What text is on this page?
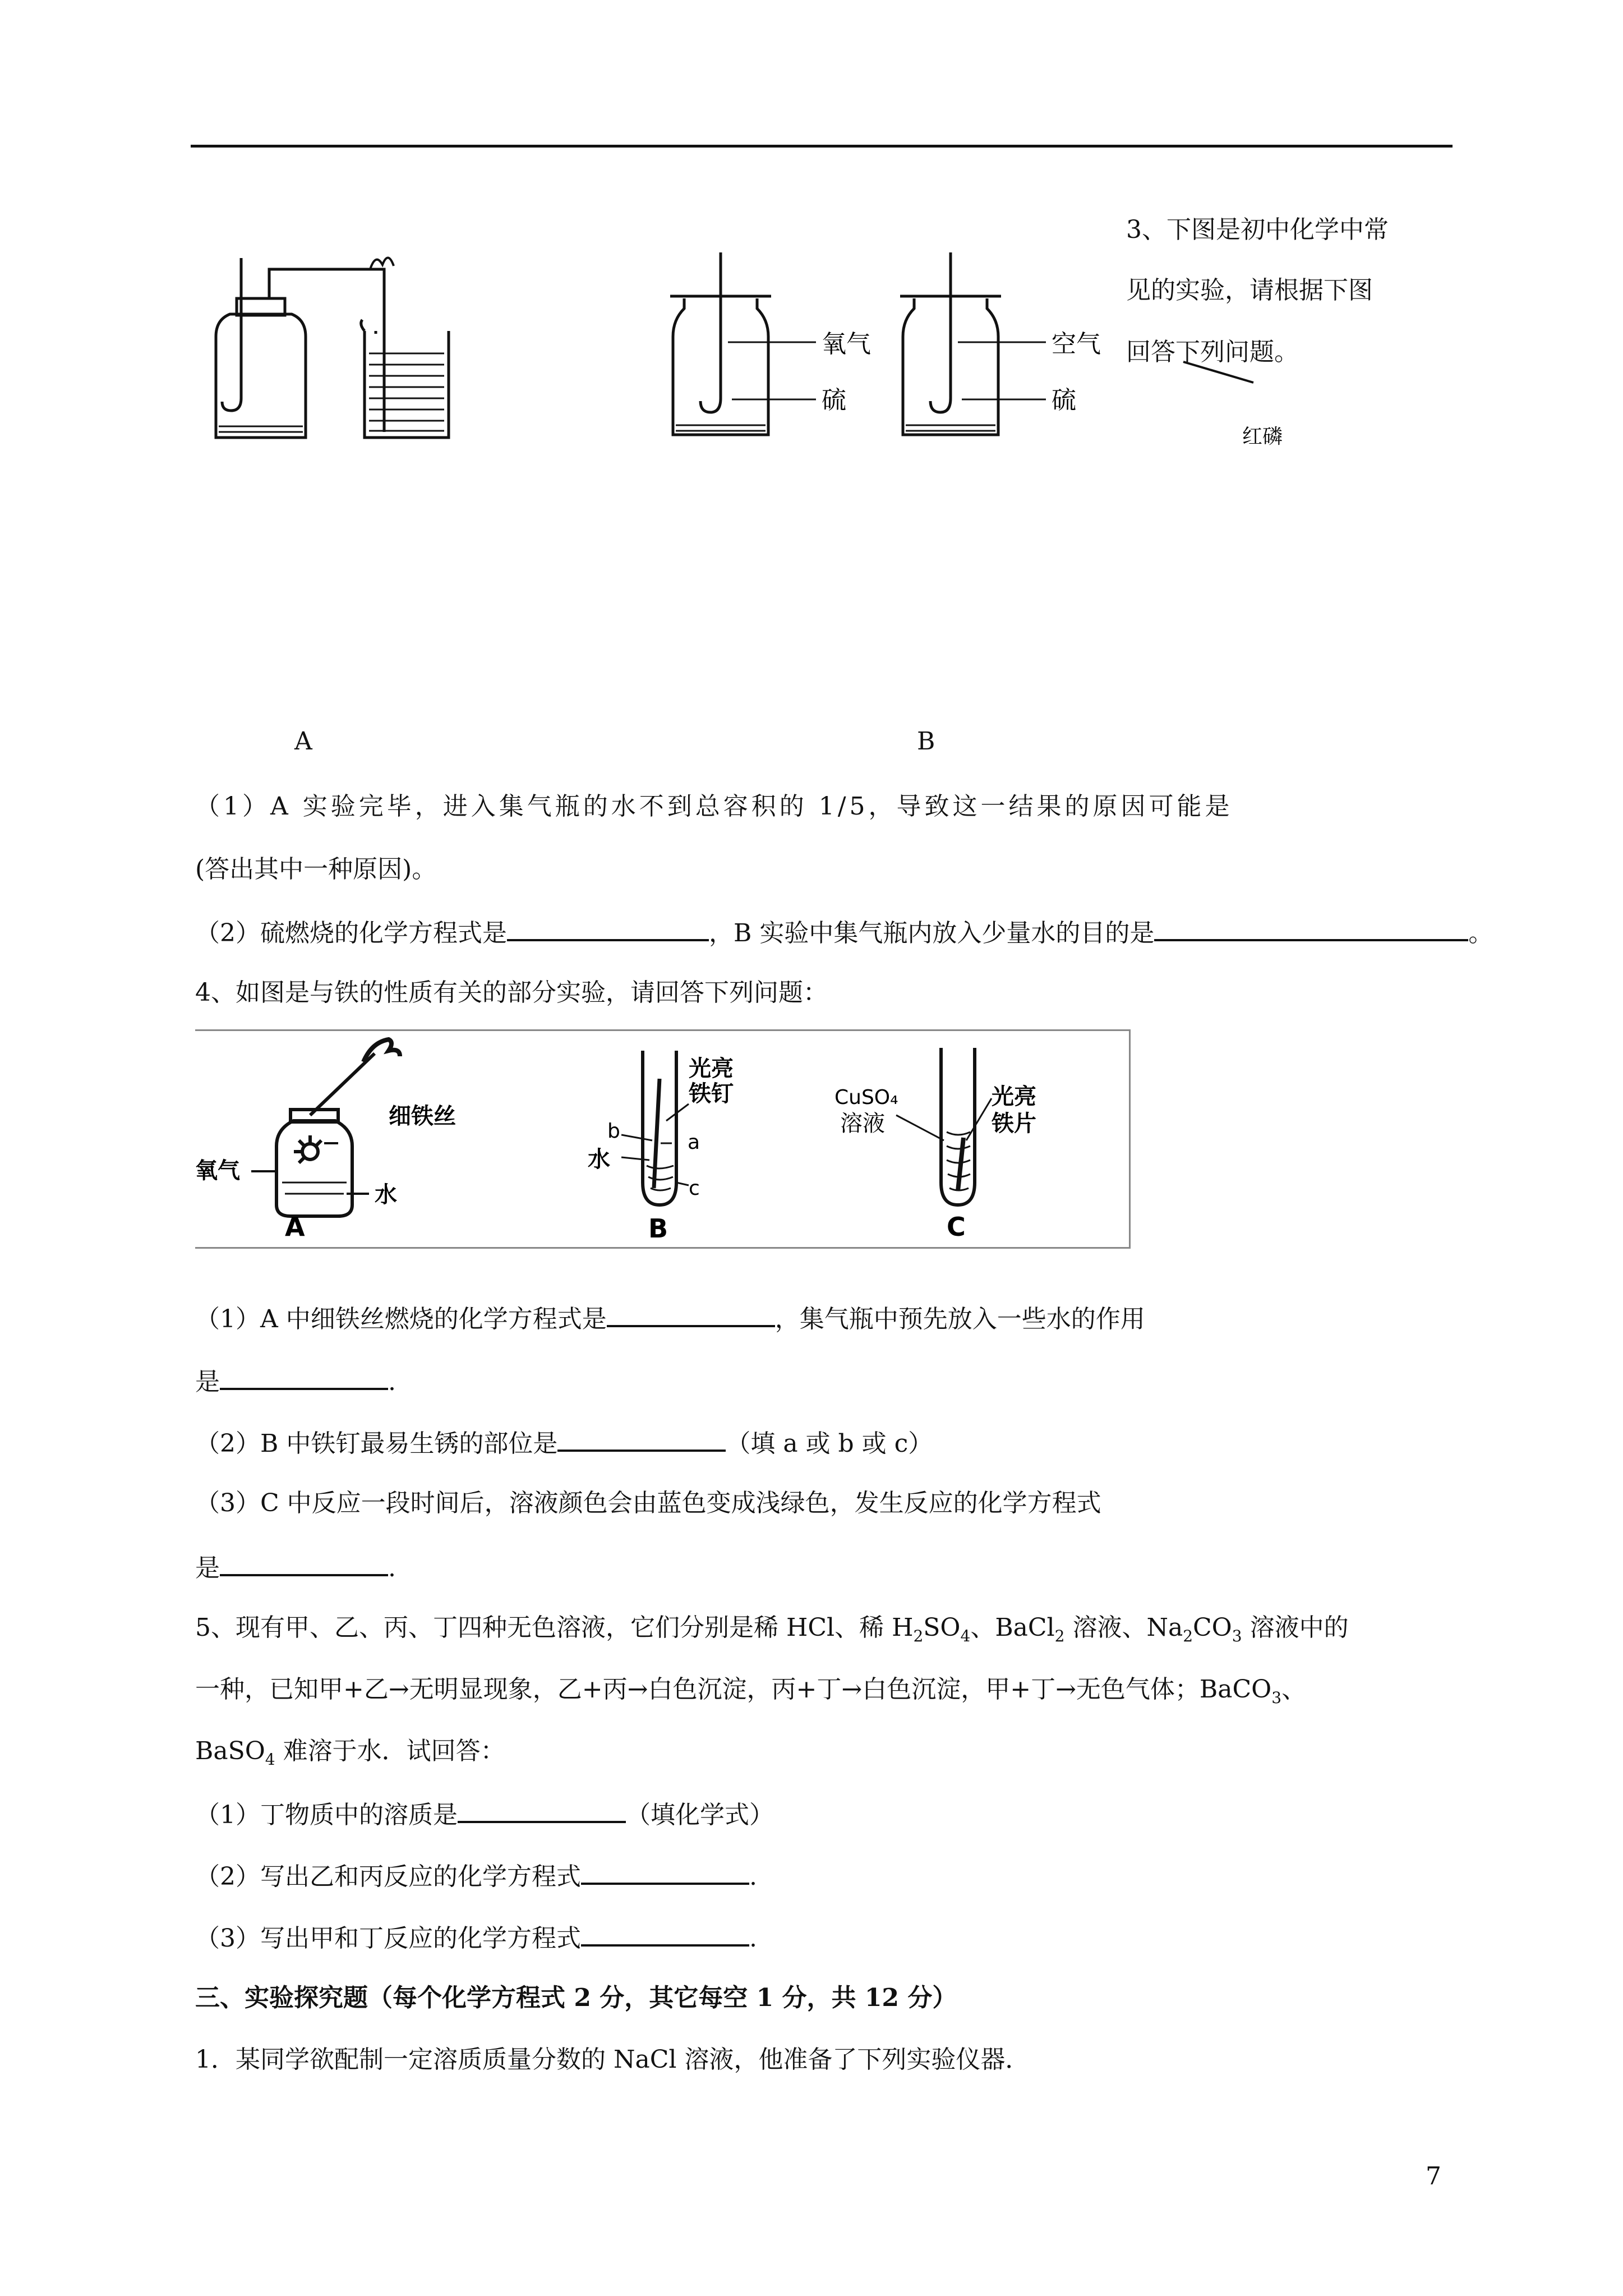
3、下图是初中化学中常
见的实验，请根据下图
回答下列问题。
氧气
硫
空气
硫
红磷
A	B
（1）A 实验完毕，进入集气瓶的水不到总容积的 1/5，导致这一结果的原因可能是
(答出其中一种原因)。
（2）硫燃烧的化学方程式是	，B 实验中集气瓶内放入少量水的目的是	。
4、如图是与铁的性质有关的部分实验，请回答下列问题：
A	B	C
细铁丝
氧气
水
光亮
铁钉
b	a
水
c
CuSO₄
溶液
光亮
铁片
（1）A 中细铁丝燃烧的化学方程式是	，集气瓶中预先放入一些水的作用
是	.
（2）B 中铁钉最易生锈的部位是	（填 a 或 b 或 c）
（3）C 中反应一段时间后，溶液颜色会由蓝色变成浅绿色，发生反应的化学方程式
是	.
5、现有甲、乙、丙、丁四种无色溶液，它们分别是稀 HCl、稀 $H_2SO_4$、BaCl$_2$ 溶液、$Na_2CO_3$ 溶液中的
一种，已知甲+乙→无明显现象，乙+丙→白色沉淀，丙+丁→白色沉淀，甲+丁→无色气体；BaCO$_3$、
BaSO$_4$ 难溶于水．试回答：
（1）丁物质中的溶质是	（填化学式）
（2）写出乙和丙反应的化学方程式	.
（3）写出甲和丁反应的化学方程式	.
三、实验探究题（每个化学方程式 2 分，其它每空 1 分，共 12 分）
1．某同学欲配制一定溶质质量分数的 NaCl 溶液，他准备了下列实验仪器．
7
